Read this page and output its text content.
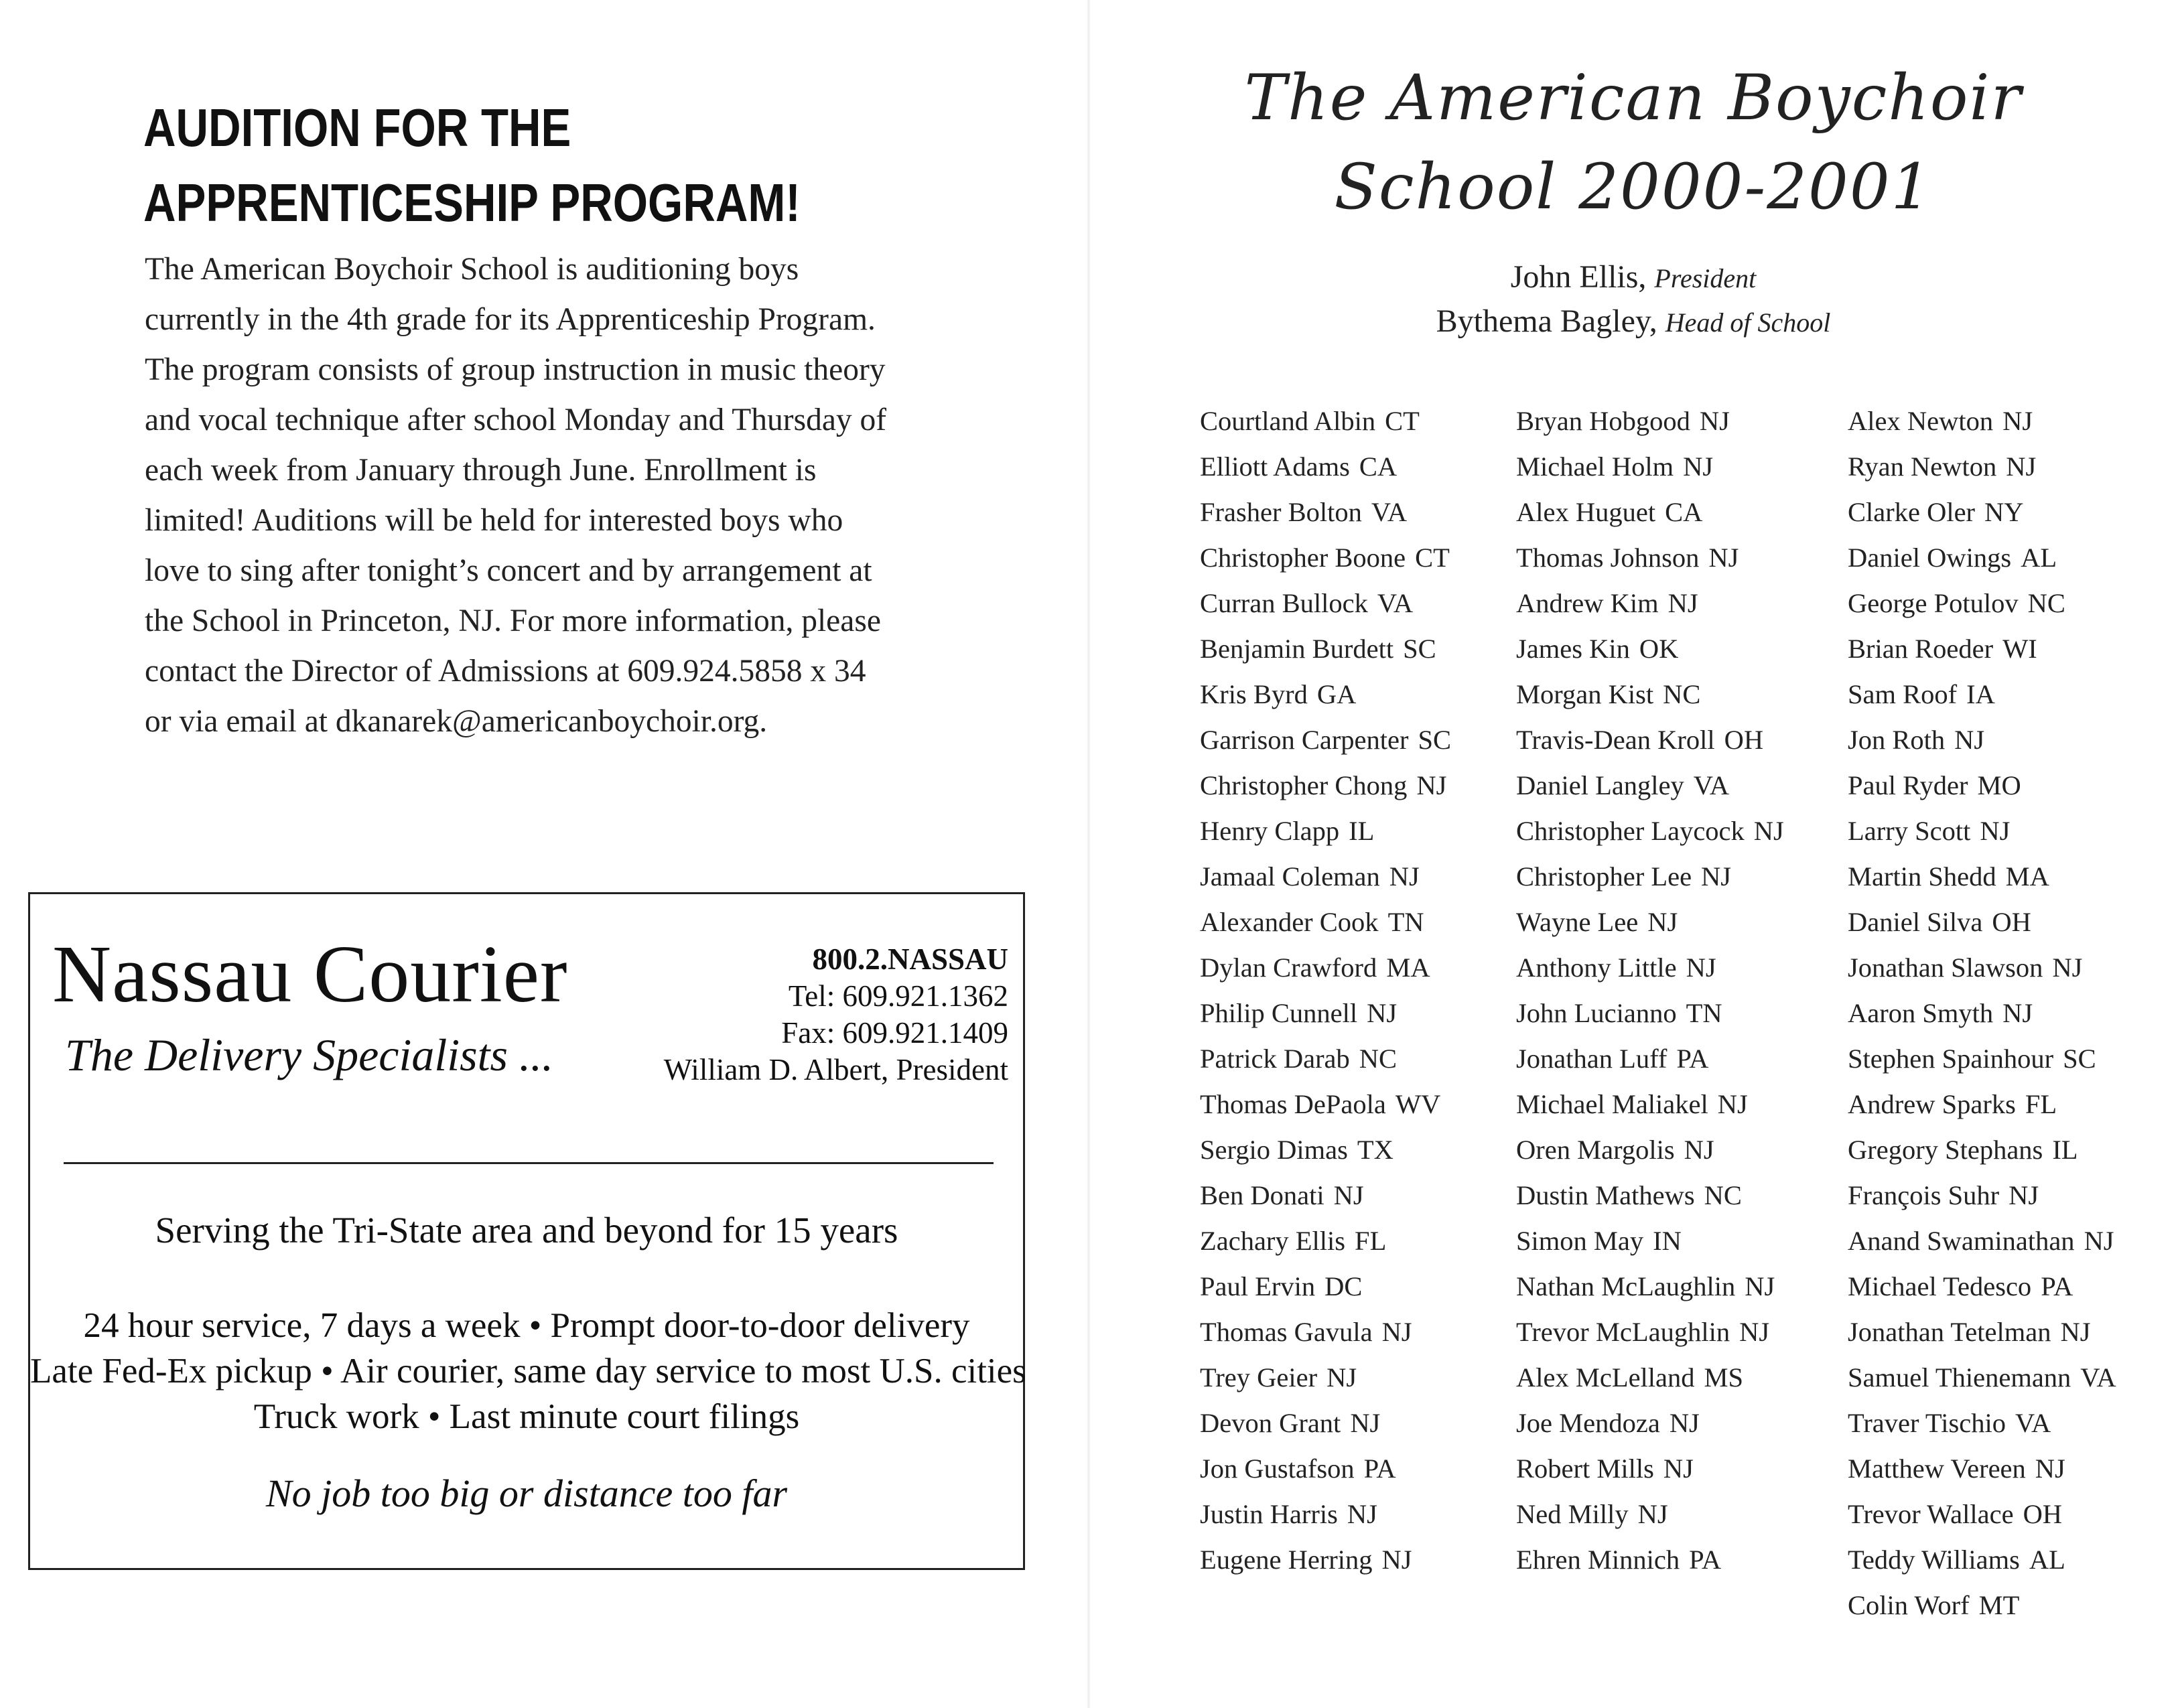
AUDITION FOR THE
APPRENTICESHIP PROGRAM!
The American Boychoir School is auditioning boys
currently in the 4th grade for its Apprenticeship Program.
The program consists of group instruction in music theory
and vocal technique after school Monday and Thursday of
each week from January through June. Enrollment is
limited! Auditions will be held for interested boys who
love to sing after tonight’s concert and by arrangement at
the School in Princeton, NJ. For more information, please
contact the Director of Admissions at 609.924.5858 x 34
or via email at dkanarek@americanboychoir.org.
Nassau Courier
The Delivery Specialists ...
800.2.NASSAU
Tel: 609.921.1362
Fax: 609.921.1409
William D. Albert, President
Serving the Tri-State area and beyond for 15 years
24 hour service, 7 days a week • Prompt door-to-door delivery
Late Fed-Ex pickup • Air courier, same day service to most U.S. cities
Truck work • Last minute court filings
No job too big or distance too far
The American Boychoir
School 2000-2001
John Ellis, President
Bythema Bagley, Head of School
Courtland Albin CT
Elliott Adams CA
Frasher Bolton VA
Christopher Boone CT
Curran Bullock VA
Benjamin Burdett SC
Kris Byrd GA
Garrison Carpenter SC
Christopher Chong NJ
Henry Clapp IL
Jamaal Coleman NJ
Alexander Cook TN
Dylan Crawford MA
Philip Cunnell NJ
Patrick Darab NC
Thomas DePaola WV
Sergio Dimas TX
Ben Donati NJ
Zachary Ellis FL
Paul Ervin DC
Thomas Gavula NJ
Trey Geier NJ
Devon Grant NJ
Jon Gustafson PA
Justin Harris NJ
Eugene Herring NJ
Bryan Hobgood NJ
Michael Holm NJ
Alex Huguet CA
Thomas Johnson NJ
Andrew Kim NJ
James Kin OK
Morgan Kist NC
Travis-Dean Kroll OH
Daniel Langley VA
Christopher Laycock NJ
Christopher Lee NJ
Wayne Lee NJ
Anthony Little NJ
John Lucianno TN
Jonathan Luff PA
Michael Maliakel NJ
Oren Margolis NJ
Dustin Mathews NC
Simon May IN
Nathan McLaughlin NJ
Trevor McLaughlin NJ
Alex McLelland MS
Joe Mendoza NJ
Robert Mills NJ
Ned Milly NJ
Ehren Minnich PA
Alex Newton NJ
Ryan Newton NJ
Clarke Oler NY
Daniel Owings AL
George Potulov NC
Brian Roeder WI
Sam Roof IA
Jon Roth NJ
Paul Ryder MO
Larry Scott NJ
Martin Shedd MA
Daniel Silva OH
Jonathan Slawson NJ
Aaron Smyth NJ
Stephen Spainhour SC
Andrew Sparks FL
Gregory Stephans IL
François Suhr NJ
Anand Swaminathan NJ
Michael Tedesco PA
Jonathan Tetelman NJ
Samuel Thienemann VA
Traver Tischio VA
Matthew Vereen NJ
Trevor Wallace OH
Teddy Williams AL
Colin Worf MT
